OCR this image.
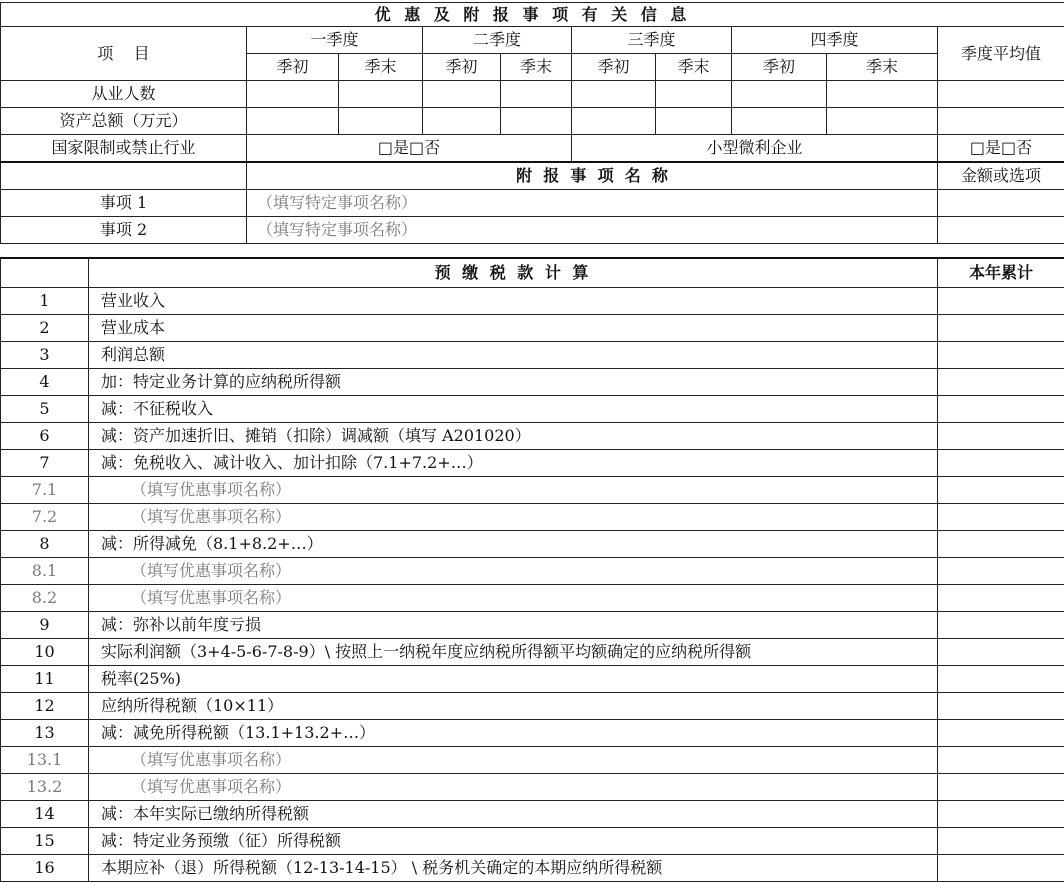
优 惠 及 附 报 事 项 有 关 信 息									
项    目	一季度		二季度		三季度		四季度		季度平均值
	季初	季末	季初	季末	季初	季末	季初	季末	
从业人数									
资产总额（万元）									
国家限制或禁止行业	□是□否				小型微利企业				□是□否
	附  报  事  项  名  称								金额或选项
事项 1	（填写特定事项名称）								
事项 2	（填写特定事项名称）								
	预 缴 税 款 计 算	本年累计
1	营业收入	
2	营业成本	
3	利润总额	
4	加：特定业务计算的应纳税所得额	
5	减：不征税收入	
6	减：资产加速折旧、摊销（扣除）调减额（填写 A201020）	
7	减：免税收入、减计收入、加计扣除（7.1+7.2+…）	
7.1	（填写优惠事项名称）	
7.2	（填写优惠事项名称）	
8	减：所得减免（8.1+8.2+…）	
8.1	（填写优惠事项名称）	
8.2	（填写优惠事项名称）	
9	减：弥补以前年度亏损	
10	实际利润额（3+4-5-6-7-8-9）\ 按照上一纳税年度应纳税所得额平均额确定的应纳税所得额	
11	税率(25%)	
12	应纳所得税额（10×11）	
13	减：减免所得税额（13.1+13.2+…）	
13.1	（填写优惠事项名称）	
13.2	（填写优惠事项名称）	
14	减：本年实际已缴纳所得税额	
15	减：特定业务预缴（征）所得税额	
16	本期应补（退）所得税额（12-13-14-15） \ 税务机关确定的本期应纳所得税额	
